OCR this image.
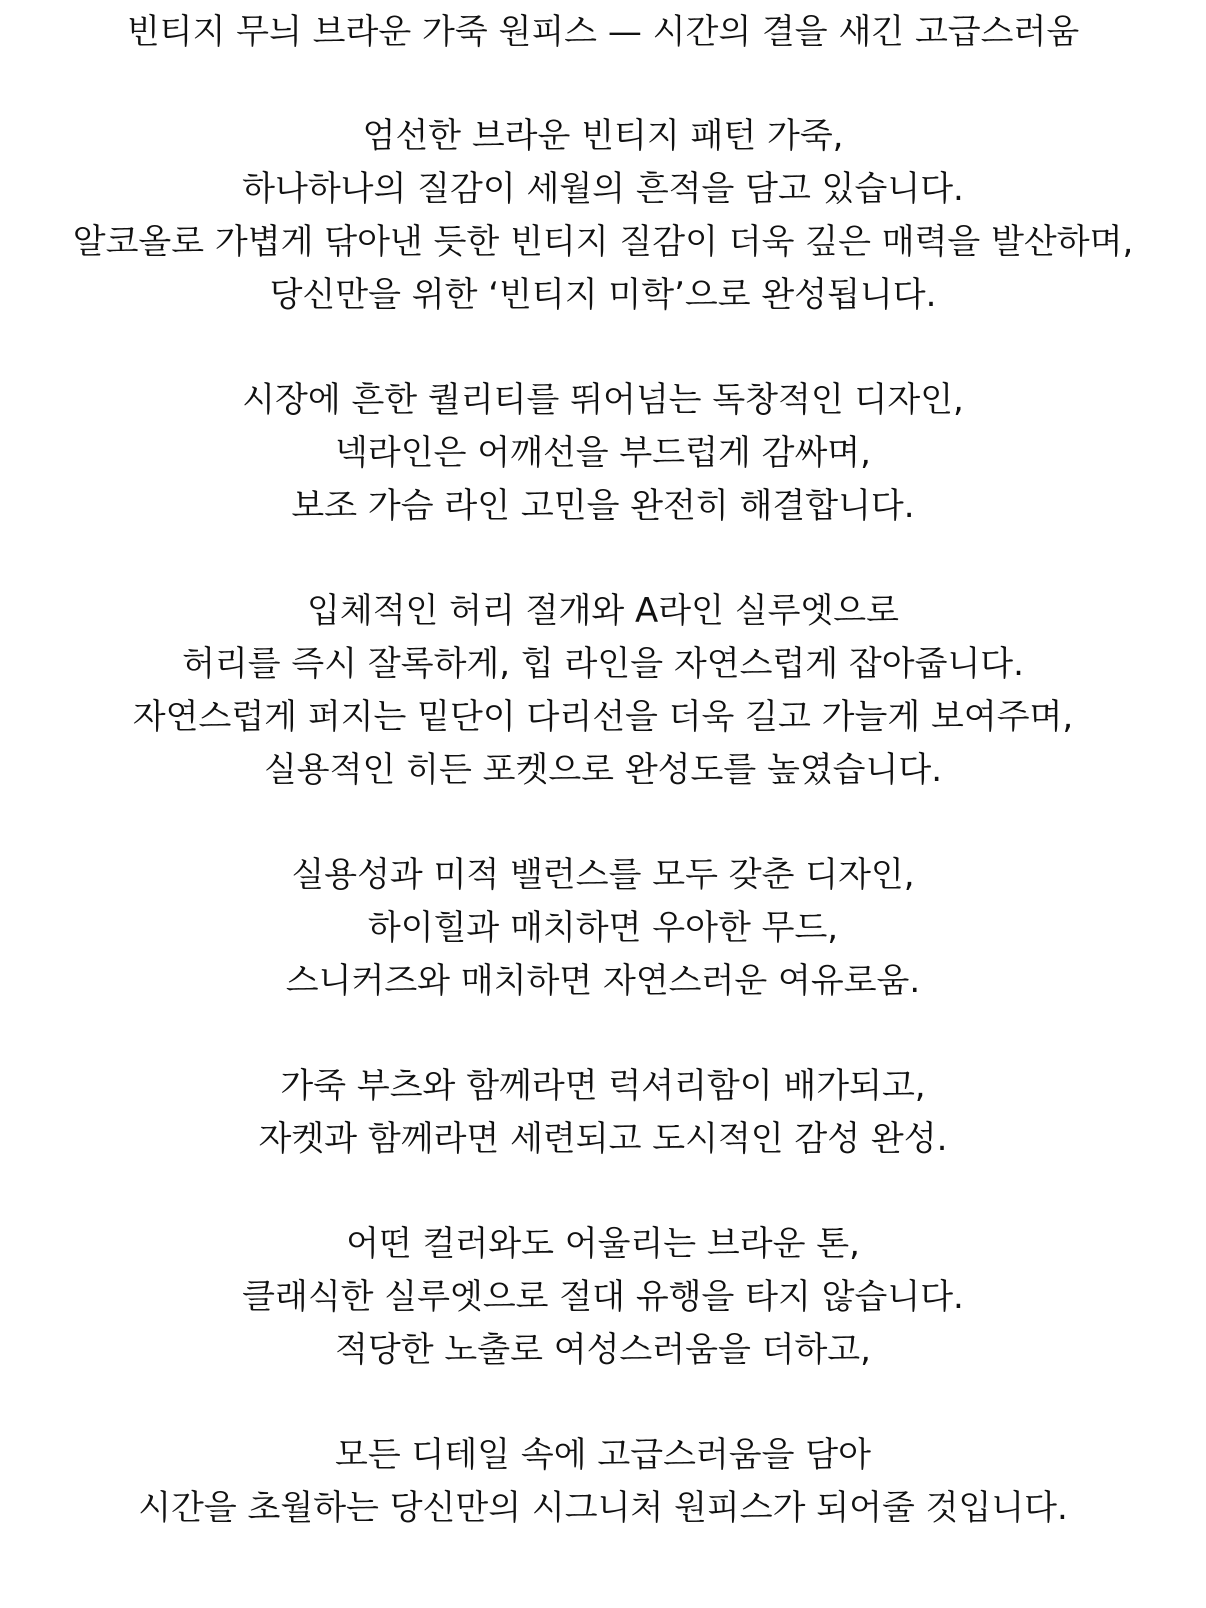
빈티지 무늬 브라운 가죽 원피스 — 시간의 결을 새긴 고급스러움
엄선한 브라운 빈티지 패턴 가죽,
하나하나의 질감이 세월의 흔적을 담고 있습니다.
알코올로 가볍게 닦아낸 듯한 빈티지 질감이 더욱 깊은 매력을 발산하며,
당신만을 위한 ‘빈티지 미학’으로 완성됩니다.
시장에 흔한 퀄리티를 뛰어넘는 독창적인 디자인,
넥라인은 어깨선을 부드럽게 감싸며,
보조 가슴 라인 고민을 완전히 해결합니다.
입체적인 허리 절개와 A라인 실루엣으로
허리를 즉시 잘록하게, 힙 라인을 자연스럽게 잡아줍니다.
자연스럽게 퍼지는 밑단이 다리선을 더욱 길고 가늘게 보여주며,
실용적인 히든 포켓으로 완성도를 높였습니다.
실용성과 미적 밸런스를 모두 갖춘 디자인,
하이힐과 매치하면 우아한 무드,
스니커즈와 매치하면 자연스러운 여유로움.
가죽 부츠와 함께라면 럭셔리함이 배가되고,
자켓과 함께라면 세련되고 도시적인 감성 완성.
어떤 컬러와도 어울리는 브라운 톤,
클래식한 실루엣으로 절대 유행을 타지 않습니다.
적당한 노출로 여성스러움을 더하고,
모든 디테일 속에 고급스러움을 담아
시간을 초월하는 당신만의 시그니처 원피스가 되어줄 것입니다.
